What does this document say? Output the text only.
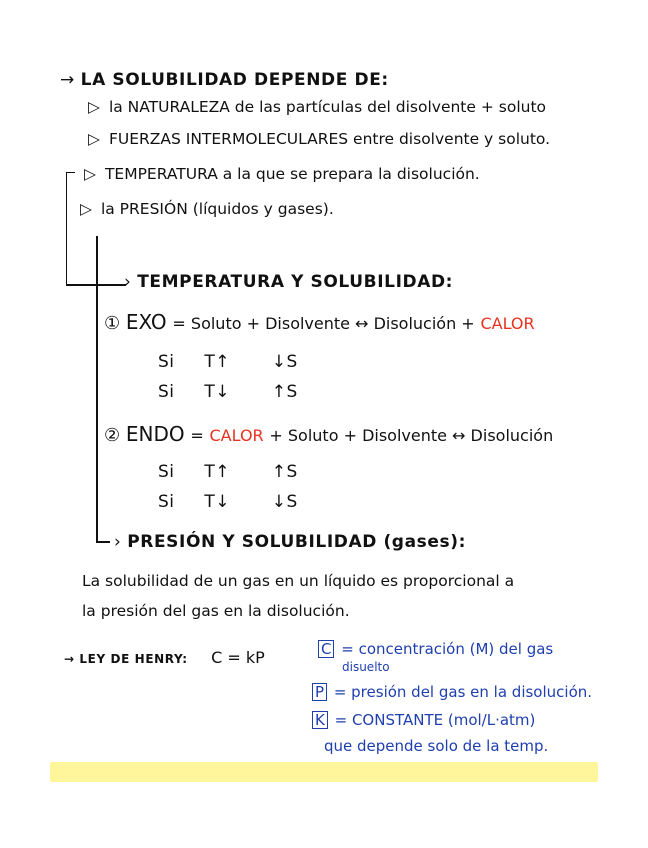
→ LA SOLUBILIDAD DEPENDE DE:
▷ la NATURALEZA de las partículas del disolvente + soluto
▷ FUERZAS INTERMOLECULARES entre disolvente y soluto.
▷ TEMPERATURA a la que se prepara la disolución.
▷ la PRESIÓN (líquidos y gases).
› TEMPERATURA Y SOLUBILIDAD:
① EXO = Soluto + Disolvente ↔ Disolución + CALOR
Si T↑ ↓S
Si T↓ ↑S
② ENDO = CALOR + Soluto + Disolvente ↔ Disolución
Si T↑ ↑S
Si T↓ ↓S
› PRESIÓN Y SOLUBILIDAD (gases):
La solubilidad de un gas en un líquido es proporcional a
la presión del gas en la disolución.
→ LEY DE HENRY: C = kP	C = concentración (M) del gas
disuelto
P = presión del gas en la disolución.
K = CONSTANTE (mol/L·atm)
que depende solo de la temp.
